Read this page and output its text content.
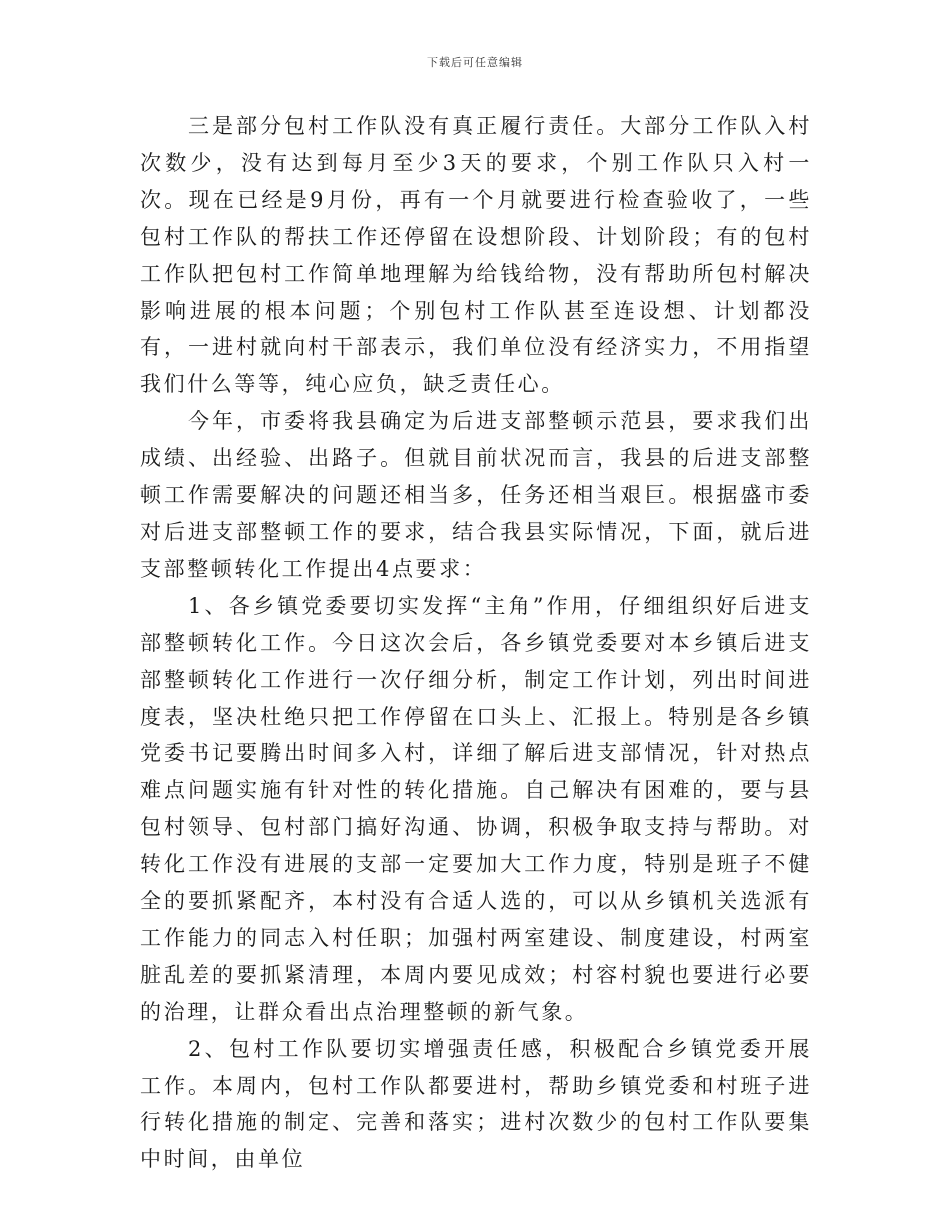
下载后可任意编辑

三是部分包村工作队没有真正履行责任。大部分工作队入村次数少，没有达到每月至少3天的要求，个别工作队只入村一次。现在已经是9月份，再有一个月就要进行检查验收了，一些包村工作队的帮扶工作还停留在设想阶段、计划阶段；有的包村工作队把包村工作简单地理解为给钱给物，没有帮助所包村解决影响进展的根本问题；个别包村工作队甚至连设想、计划都没有，一进村就向村干部表示，我们单位没有经济实力，不用指望我们什么等等，纯心应负，缺乏责任心。

今年，市委将我县确定为后进支部整顿示范县，要求我们出成绩、出经验、出路子。但就目前状况而言，我县的后进支部整顿工作需要解决的问题还相当多，任务还相当艰巨。根据盛市委对后进支部整顿工作的要求，结合我县实际情况，下面，就后进支部整顿转化工作提出4点要求：

1、各乡镇党委要切实发挥“主角”作用，仔细组织好后进支部整顿转化工作。今日这次会后，各乡镇党委要对本乡镇后进支部整顿转化工作进行一次仔细分析，制定工作计划，列出时间进度表，坚决杜绝只把工作停留在口头上、汇报上。特别是各乡镇党委书记要腾出时间多入村，详细了解后进支部情况，针对热点难点问题实施有针对性的转化措施。自己解决有困难的，要与县包村领导、包村部门搞好沟通、协调，积极争取支持与帮助。对转化工作没有进展的支部一定要加大工作力度，特别是班子不健全的要抓紧配齐，本村没有合适人选的，可以从乡镇机关选派有工作能力的同志入村任职；加强村两室建设、制度建设，村两室脏乱差的要抓紧清理，本周内要见成效；村容村貌也要进行必要的治理，让群众看出点治理整顿的新气象。

2、包村工作队要切实增强责任感，积极配合乡镇党委开展工作。本周内，包村工作队都要进村，帮助乡镇党委和村班子进行转化措施的制定、完善和落实；进村次数少的包村工作队要集中时间，由单位
